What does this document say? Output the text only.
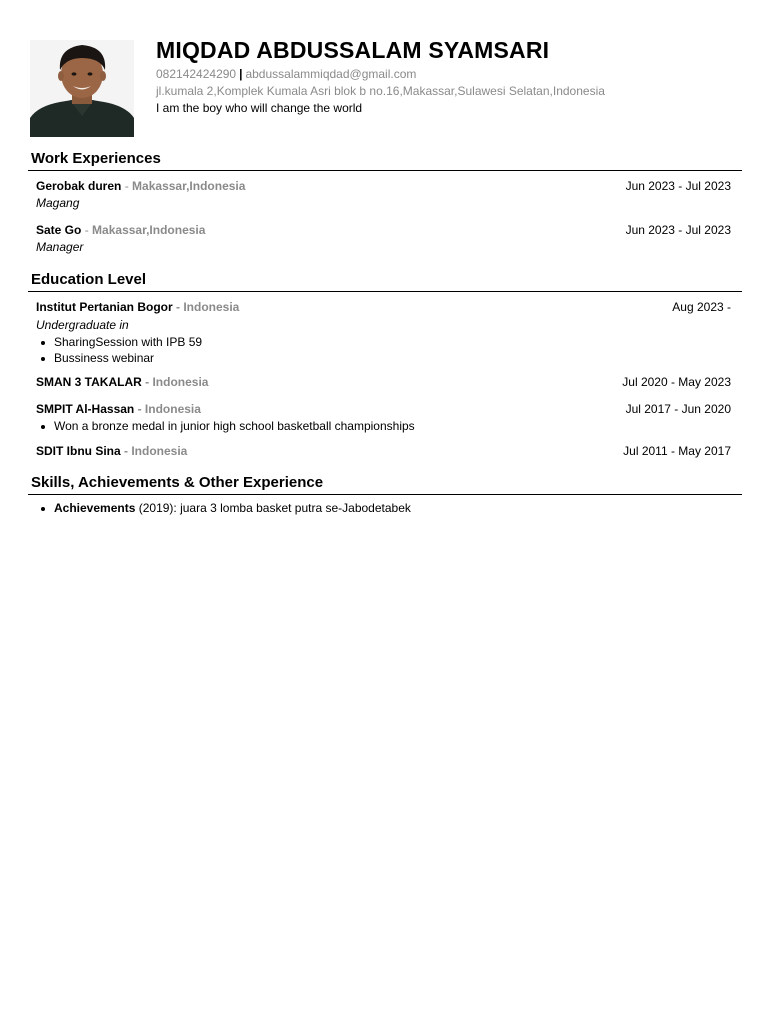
MIQDAD ABDUSSALAM SYAMSARI
082142424290 | abdussalammiqdad@gmail.com
jl.kumala 2,Komplek Kumala Asri blok b no.16,Makassar,Sulawesi Selatan,Indonesia
I am the boy who will change the world
Work Experiences
Gerobak duren - Makassar,Indonesia	Jun 2023 - Jul 2023
Magang
Sate Go - Makassar,Indonesia	Jun 2023 - Jul 2023
Manager
Education Level
Institut Pertanian Bogor - Indonesia	Aug 2023 -
Undergraduate in
SharingSession with IPB 59
Bussiness webinar
SMAN 3 TAKALAR - Indonesia	Jul 2020 - May 2023
SMPIT Al-Hassan - Indonesia	Jul 2017 - Jun 2020
Won a bronze medal in junior high school basketball championships
SDIT Ibnu Sina - Indonesia	Jul 2011 - May 2017
Skills, Achievements & Other Experience
Achievements (2019): juara 3 lomba basket putra se-Jabodetabek
